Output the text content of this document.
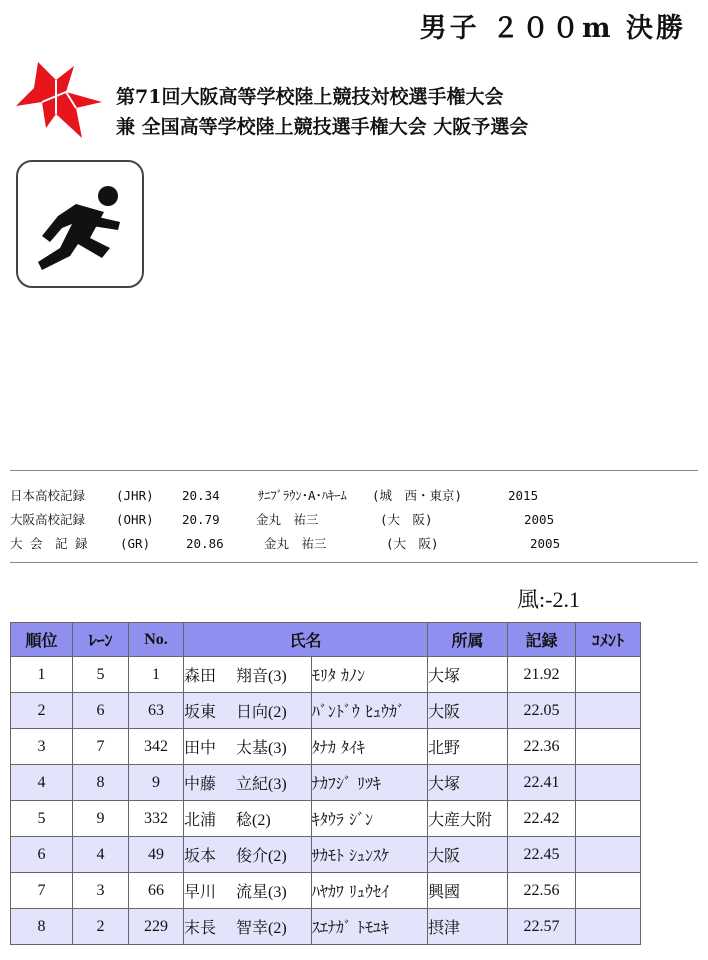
男子 ２００m 決勝
第71回大阪高等学校陸上競技対校選手権大会
兼 全国高等学校陸上競技選手権大会 大阪予選会
日本高校記録 (JHR) 20.34	ｻﾆﾌﾞﾗｳﾝ･A･ﾊｷｰﾑ (城　西・東京)	2015
大阪高校記録 (OHR) 20.79	金丸　祐三	(大　阪)	2005
大 会　記 録	(GR)	20.86	金丸　祐三	(大　阪)	2005
風:-2.1
順位	ﾚｰﾝ	No.	氏名		所属	記録	ｺﾒﾝﾄ
1	5	1	森田 翔音(3)	ﾓﾘﾀ ｶﾉﾝ	大塚	21.92	
2	6	63	坂東 日向(2)	ﾊﾞﾝﾄﾞｳ ﾋｭｳｶﾞ	大阪	22.05	
3	7	342	田中 太基(3)	ﾀﾅｶ ﾀｲｷ	北野	22.36	
4	8	9	中藤 立紀(3)	ﾅｶﾌｼﾞ ﾘﾂｷ	大塚	22.41	
5	9	332	北浦 稔(2)	ｷﾀｳﾗ ｼﾞﾝ	大産大附	22.42	
6	4	49	坂本 俊介(2)	ｻｶﾓﾄ ｼｭﾝｽｹ	大阪	22.45	
7	3	66	早川 流星(3)	ﾊﾔｶﾜ ﾘｭｳｾｲ	興國	22.56	
8	2	229	末長 智幸(2)	ｽｴﾅｶﾞ ﾄﾓﾕｷ	摂津	22.57	
